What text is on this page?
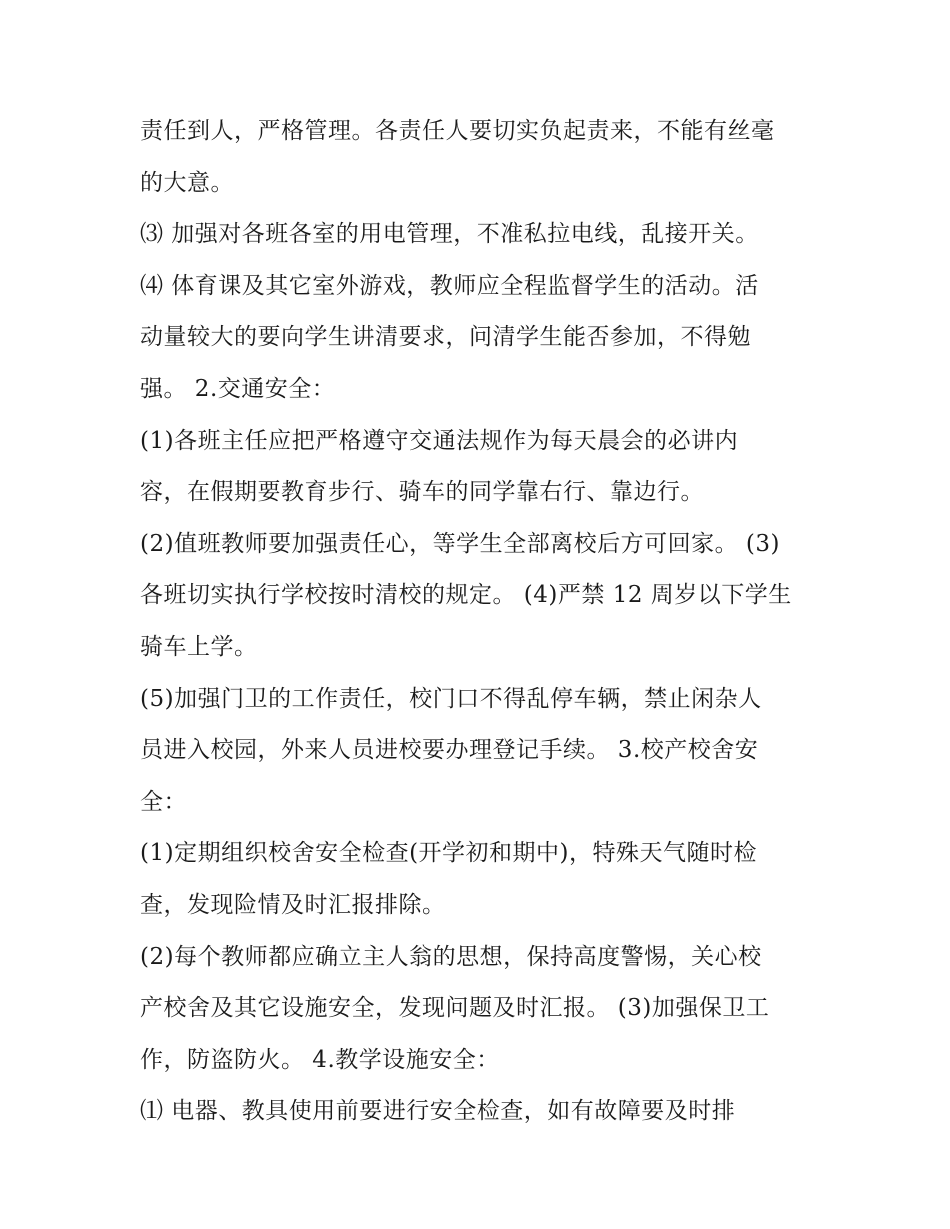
责任到人，严格管理。各责任人要切实负起责来，不能有丝毫
的大意。
⑶ 加强对各班各室的用电管理，不准私拉电线，乱接开关。
⑷ 体育课及其它室外游戏，教师应全程监督学生的活动。活
动量较大的要向学生讲清要求，问清学生能否参加，不得勉
强。 2.交通安全：
(1)各班主任应把严格遵守交通法规作为每天晨会的必讲内
容，在假期要教育步行、骑车的同学靠右行、靠边行。
(2)值班教师要加强责任心，等学生全部离校后方可回家。 (3)
各班切实执行学校按时清校的规定。 (4)严禁 12 周岁以下学生
骑车上学。
(5)加强门卫的工作责任，校门口不得乱停车辆，禁止闲杂人
员进入校园，外来人员进校要办理登记手续。 3.校产校舍安
全：
(1)定期组织校舍安全检查(开学初和期中)，特殊天气随时检
查，发现险情及时汇报排除。
(2)每个教师都应确立主人翁的思想，保持高度警惕，关心校
产校舍及其它设施安全，发现问题及时汇报。 (3)加强保卫工
作，防盗防火。 4.教学设施安全：
⑴ 电器、教具使用前要进行安全检查，如有故障要及时排
